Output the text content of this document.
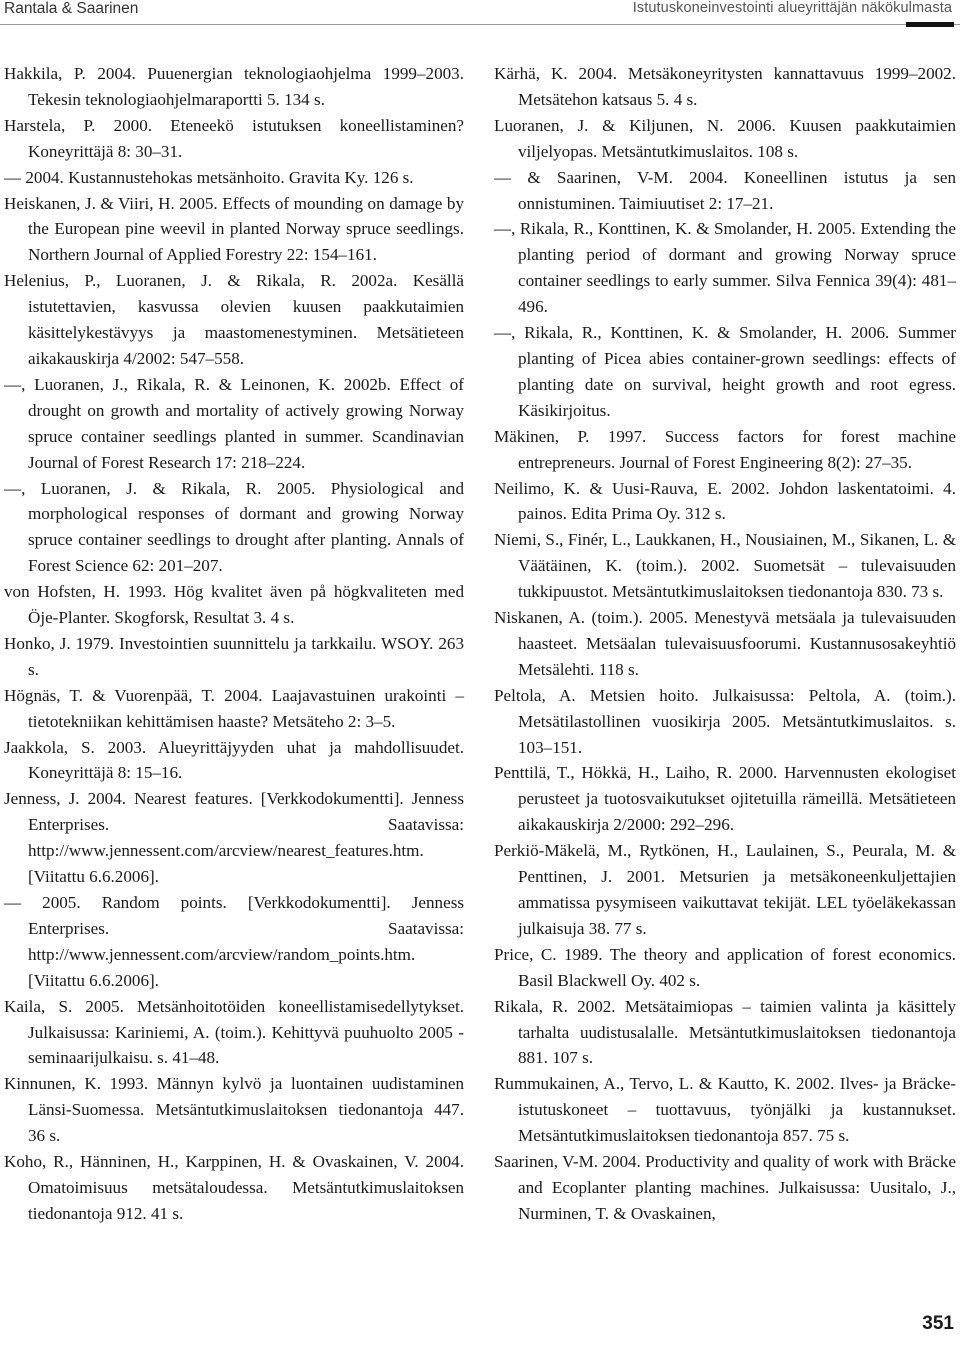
Rantala & Saarinen	Istutuskoneinvestointi alueyrittäjän näkökulmasta

Hakkila, P. 2004. Puuenergian teknologiaohjelma 1999–2003. Tekesin teknologiaohjelmaraportti 5. 134 s.

Harstela, P. 2000. Eteneekö istutuksen koneellistaminen? Koneyrittäjä 8: 30–31.

— 2004. Kustannustehokas metsänhoito. Gravita Ky. 126 s.

Heiskanen, J. & Viiri, H. 2005. Effects of mounding on damage by the European pine weevil in planted Norway spruce seedlings. Northern Journal of Applied Forestry 22: 154–161.

Helenius, P., Luoranen, J. & Rikala, R. 2002a. Kesällä istutettavien, kasvussa olevien kuusen paakkutaimien käsittelykestävyys ja maastomenestyminen. Metsätieteen aikakauskirja 4/2002: 547–558.

—, Luoranen, J., Rikala, R. & Leinonen, K. 2002b. Effect of drought on growth and mortality of actively growing Norway spruce container seedlings planted in summer. Scandinavian Journal of Forest Research 17: 218–224.

—, Luoranen, J. & Rikala, R. 2005. Physiological and morphological responses of dormant and growing Norway spruce container seedlings to drought after planting. Annals of Forest Science 62: 201–207.

von Hofsten, H. 1993. Hög kvalitet även på högkvaliteten med Öje-Planter. Skogforsk, Resultat 3. 4 s.

Honko, J. 1979. Investointien suunnittelu ja tarkkailu. WSOY. 263 s.

Högnäs, T. & Vuorenpää, T. 2004. Laajavastuinen urakointi – tietotekniikan kehittämisen haaste? Metsäteho 2: 3–5.

Jaakkola, S. 2003. Alueyrittäjyyden uhat ja mahdollisuudet. Koneyrittäjä 8: 15–16.

Jenness, J. 2004. Nearest features. [Verkkodokumentti]. Jenness Enterprises. Saatavissa: http://www.jennessent.com/arcview/nearest_features.htm. [Viitattu 6.6.2006].

— 2005. Random points. [Verkkodokumentti]. Jenness Enterprises. Saatavissa: http://www.jennessent.com/arcview/random_points.htm. [Viitattu 6.6.2006].

Kaila, S. 2005. Metsänhoitotöiden koneellistamisedellytykset. Julkaisussa: Kariniemi, A. (toim.). Kehittyvä puuhuolto 2005 -seminaarijulkaisu. s. 41–48.

Kinnunen, K. 1993. Männyn kylvö ja luontainen uudistaminen Länsi-Suomessa. Metsäntutkimuslaitoksen tiedonantoja 447. 36 s.

Koho, R., Hänninen, H., Karppinen, H. & Ovaskainen, V. 2004. Omatoimisuus metsätaloudessa. Metsäntutkimuslaitoksen tiedonantoja 912. 41 s.

Kärhä, K. 2004. Metsäkoneyritysten kannattavuus 1999–2002. Metsätehon katsaus 5. 4 s.

Luoranen, J. & Kiljunen, N. 2006. Kuusen paakkutaimien viljelyopas. Metsäntutkimuslaitos. 108 s.

— & Saarinen, V-M. 2004. Koneellinen istutus ja sen onnistuminen. Taimiuutiset 2: 17–21.

—, Rikala, R., Konttinen, K. & Smolander, H. 2005. Extending the planting period of dormant and growing Norway spruce container seedlings to early summer. Silva Fennica 39(4): 481–496.

—, Rikala, R., Konttinen, K. & Smolander, H. 2006. Summer planting of Picea abies container-grown seedlings: effects of planting date on survival, height growth and root egress. Käsikirjoitus.

Mäkinen, P. 1997. Success factors for forest machine entrepreneurs. Journal of Forest Engineering 8(2): 27–35.

Neilimo, K. & Uusi-Rauva, E. 2002. Johdon laskentatoimi. 4. painos. Edita Prima Oy. 312 s.

Niemi, S., Finér, L., Laukkanen, H., Nousiainen, M., Sikanen, L. & Väätäinen, K. (toim.). 2002. Suometsät – tulevaisuuden tukkipuustot. Metsäntutkimuslaitoksen tiedonantoja 830. 73 s.

Niskanen, A. (toim.). 2005. Menestyvä metsäala ja tulevaisuuden haasteet. Metsäalan tulevaisuusfoorumi. Kustannusosakeyhtiö Metsälehti. 118 s.

Peltola, A. Metsien hoito. Julkaisussa: Peltola, A. (toim.). Metsätilastollinen vuosikirja 2005. Metsäntutkimuslaitos. s. 103–151.

Penttilä, T., Hökkä, H., Laiho, R. 2000. Harvennusten ekologiset perusteet ja tuotosvaikutukset ojitetuilla rämeillä. Metsätieteen aikakauskirja 2/2000: 292–296.

Perkiö-Mäkelä, M., Rytkönen, H., Laulainen, S., Peurala, M. & Penttinen, J. 2001. Metsurien ja metsäkoneenkuljettajien ammatissa pysymiseen vaikuttavat tekijät. LEL työeläkekassan julkaisuja 38. 77 s.

Price, C. 1989. The theory and application of forest economics. Basil Blackwell Oy. 402 s.

Rikala, R. 2002. Metsätaimiopas – taimien valinta ja käsittely tarhalta uudistusalalle. Metsäntutkimuslaitoksen tiedonantoja 881. 107 s.

Rummukainen, A., Tervo, L. & Kautto, K. 2002. Ilves- ja Bräcke-istutuskoneet – tuottavuus, työnjälki ja kustannukset. Metsäntutkimuslaitoksen tiedonantoja 857. 75 s.

Saarinen, V-M. 2004. Productivity and quality of work with Bräcke and Ecoplanter planting machines. Julkaisussa: Uusitalo, J., Nurminen, T. & Ovaskainen,

351
